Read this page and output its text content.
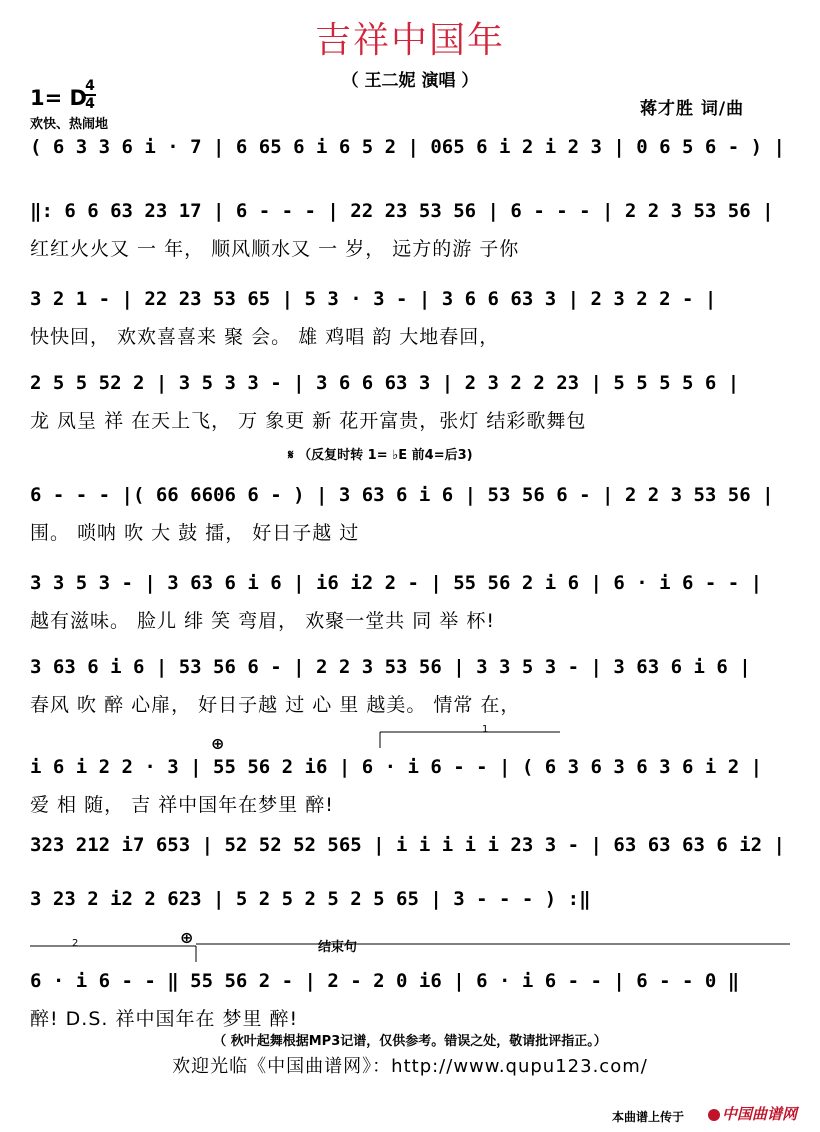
吉祥中国年
（ 王二妮 演唱 ）
1= D
4
4
欢快、热闹地
蒋才胜 词/曲
( 6 3 3 6 i · 7 | 6 65 6 i 6 5 2 | 065 6 i 2 i 2 3 | 0 6 5 6 - ) |
‖: 6 6 63 23 17 | 6 - - - | 22 23 53 56 | 6 - - - | 2 2 3 53 56 |
红红火火又 一 年， 顺风顺水又 一 岁， 远方的游 子你
3 2 1 - | 22 23 53 65 | 5 3 · 3 - | 3 6 6 63 3 | 2 3 2 2 - |
快快回， 欢欢喜喜来 聚 会。 雄 鸡唱 韵 大地春回，
2 5 5 52 2 | 3 5 3 3 - | 3 6 6 63 3 | 2 3 2 2 23 | 5 5 5 5 6 |
龙 凤呈 祥 在天上飞， 万 象更 新 花开富贵，张灯 结彩歌舞包
𝄋 （反复时转 1= ♭E 前4=后3)
6 - - - |( 66 6606 6 - ) | 3 63 6 i 6 | 53 56 6 - | 2 2 3 53 56 |
围。 唢呐 吹 大 鼓 擂， 好日子越 过
3 3 5 3 - | 3 63 6 i 6 | i6 i2 2 - | 55 56 2 i 6 | 6 · i 6 - - |
越有滋味。 脸儿 绯 笑 弯眉， 欢聚一堂共 同 举 杯!
3 63 6 i 6 | 53 56 6 - | 2 2 3 53 56 | 3 3 5 3 - | 3 63 6 i 6 |
春风 吹 醉 心扉， 好日子越 过 心 里 越美。 情常 在，
⊕
1
i 6 i 2 2 · 3 | 55 56 2 i6 | 6 · i 6 - - | ( 6 3 6 3 6 3 6 i 2 |
爱 相 随， 吉 祥中国年在梦里 醉!
323 212 i7 653 | 52 52 52 565 | i i i i i 23 3 - | 63 63 63 6 i2 |
3 23 2 i2 2 623 | 5 2 5 2 5 2 5 65 | 3 - - - ) :‖
2	⊕
结束句
6 · i 6 - - ‖ 55 56 2 - | 2 - 2 0 i6 | 6 · i 6 - - | 6 - - 0 ‖
醉! D.S. 祥中国年在 梦里 醉!
（ 秋叶起舞根据MP3记谱，仅供参考。错误之处，敬请批评指正。）
欢迎光临《中国曲谱网》：http://www.qupu123.com/
本曲谱上传于	中国曲谱网
